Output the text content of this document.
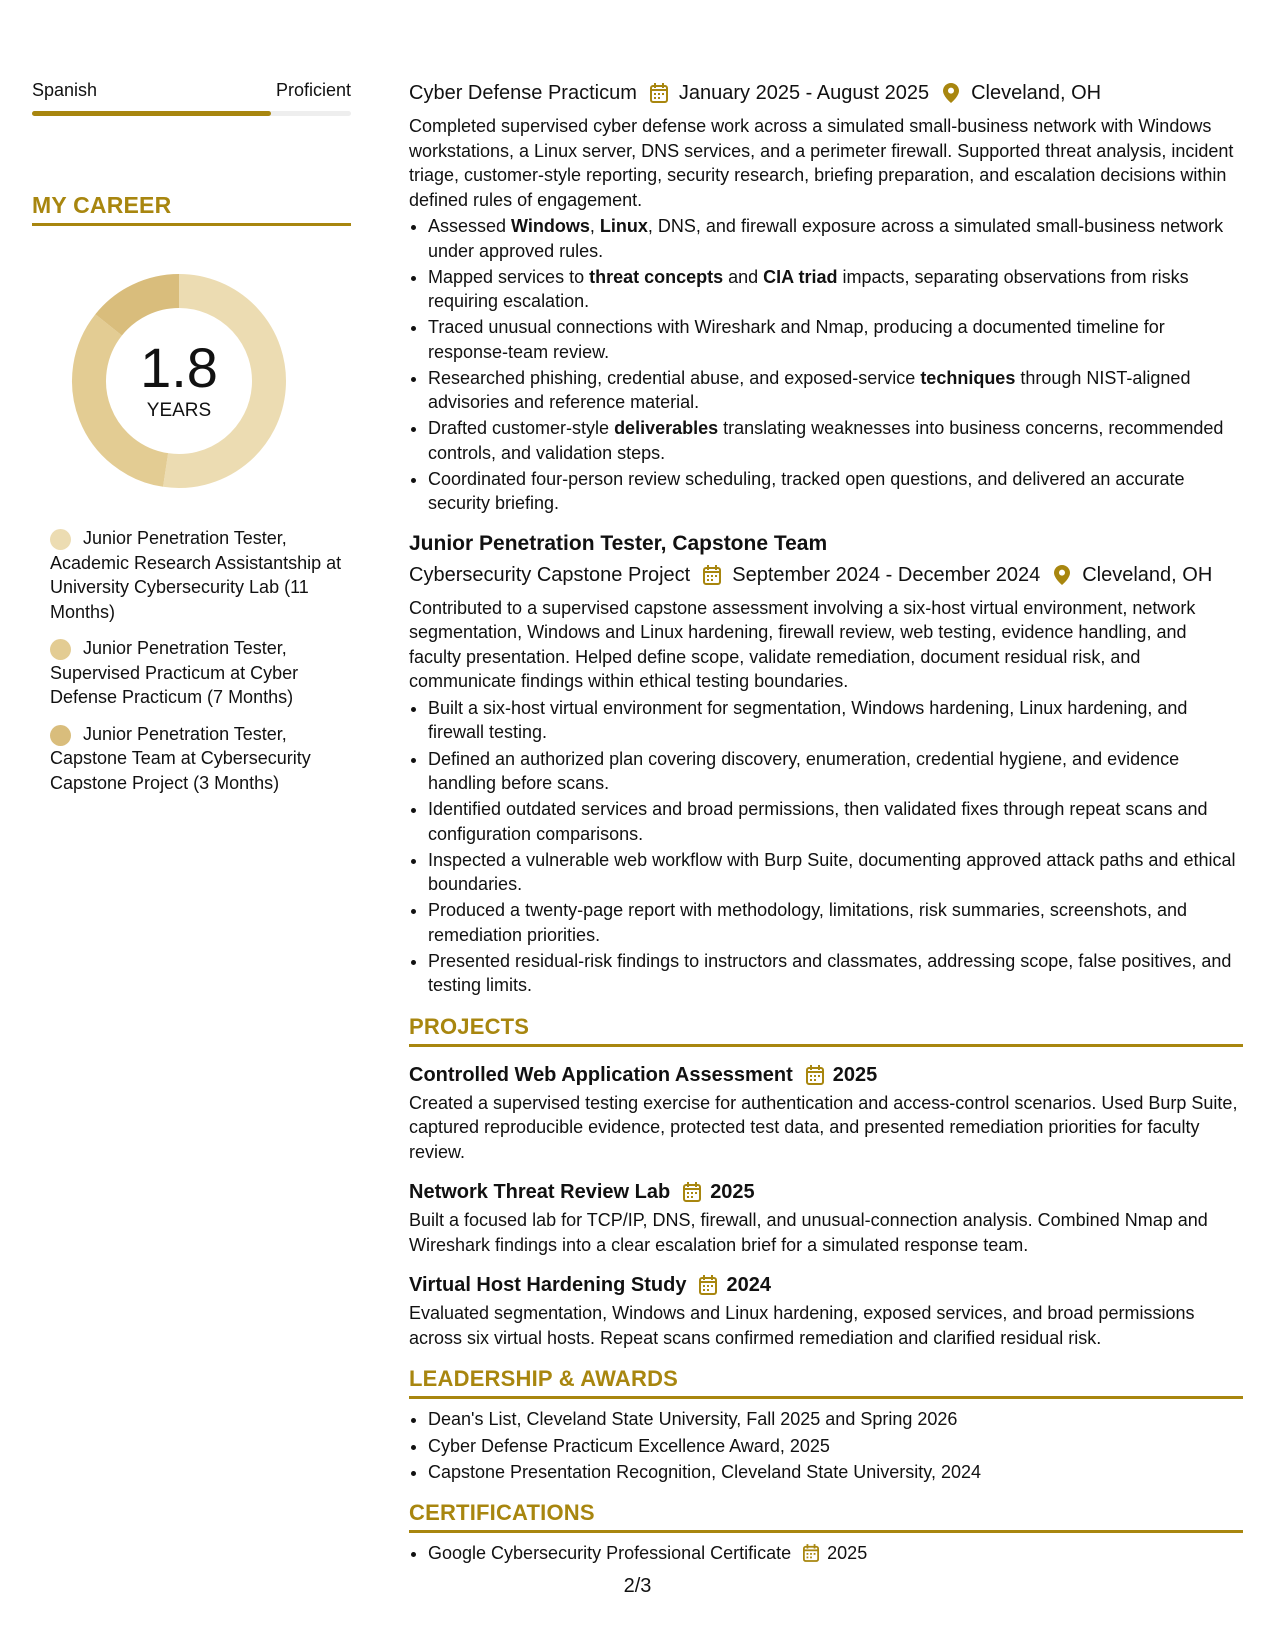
Spanish	Proficient
MY CAREER
1.8
YEARS
Junior Penetration Tester, Academic Research Assistantship at University Cybersecurity Lab (11 Months)
Junior Penetration Tester, Supervised Practicum at Cyber Defense Practicum (7 Months)
Junior Penetration Tester, Capstone Team at Cybersecurity Capstone Project (3 Months)
Cyber Defense Practicum January 2025 - August 2025 Cleveland, OH
Completed supervised cyber defense work across a simulated small-business network with Windows workstations, a Linux server, DNS services, and a perimeter firewall. Supported threat analysis, incident triage, customer-style reporting, security research, briefing preparation, and escalation decisions within defined rules of engagement.
• Assessed Windows, Linux, DNS, and firewall exposure across a simulated small-business network under approved rules.
• Mapped services to threat concepts and CIA triad impacts, separating observations from risks requiring escalation.
• Traced unusual connections with Wireshark and Nmap, producing a documented timeline for response-team review.
• Researched phishing, credential abuse, and exposed-service techniques through NIST-aligned advisories and reference material.
• Drafted customer-style deliverables translating weaknesses into business concerns, recommended controls, and validation steps.
• Coordinated four-person review scheduling, tracked open questions, and delivered an accurate security briefing.
Junior Penetration Tester, Capstone Team
Cybersecurity Capstone Project September 2024 - December 2024 Cleveland, OH
Contributed to a supervised capstone assessment involving a six-host virtual environment, network segmentation, Windows and Linux hardening, firewall review, web testing, evidence handling, and faculty presentation. Helped define scope, validate remediation, document residual risk, and communicate findings within ethical testing boundaries.
• Built a six-host virtual environment for segmentation, Windows hardening, Linux hardening, and firewall testing.
• Defined an authorized plan covering discovery, enumeration, credential hygiene, and evidence handling before scans.
• Identified outdated services and broad permissions, then validated fixes through repeat scans and configuration comparisons.
• Inspected a vulnerable web workflow with Burp Suite, documenting approved attack paths and ethical boundaries.
• Produced a twenty-page report with methodology, limitations, risk summaries, screenshots, and remediation priorities.
• Presented residual-risk findings to instructors and classmates, addressing scope, false positives, and testing limits.
PROJECTS
Controlled Web Application Assessment 2025
Created a supervised testing exercise for authentication and access-control scenarios. Used Burp Suite, captured reproducible evidence, protected test data, and presented remediation priorities for faculty review.
Network Threat Review Lab 2025
Built a focused lab for TCP/IP, DNS, firewall, and unusual-connection analysis. Combined Nmap and Wireshark findings into a clear escalation brief for a simulated response team.
Virtual Host Hardening Study 2024
Evaluated segmentation, Windows and Linux hardening, exposed services, and broad permissions across six virtual hosts. Repeat scans confirmed remediation and clarified residual risk.
LEADERSHIP & AWARDS
• Dean's List, Cleveland State University, Fall 2025 and Spring 2026
• Cyber Defense Practicum Excellence Award, 2025
• Capstone Presentation Recognition, Cleveland State University, 2024
CERTIFICATIONS
• Google Cybersecurity Professional Certificate 2025
2/3
